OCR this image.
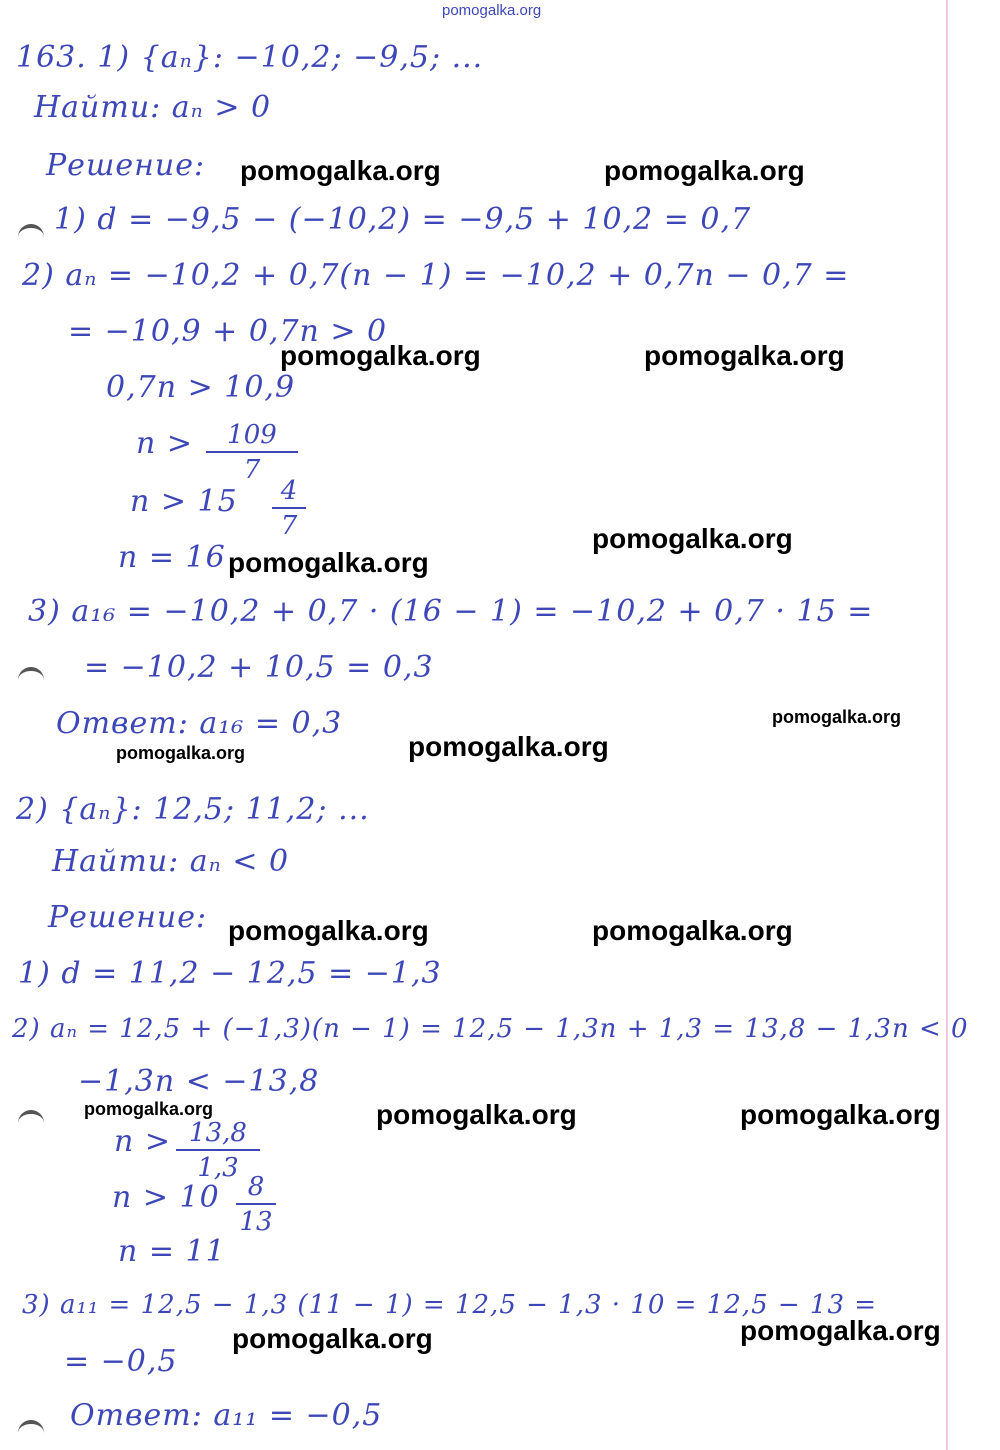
pomogalka.org
163. 1) {aₙ}: −10,2; −9,5; ...
Найти: aₙ > 0
Решение:
1) d = −9,5 − (−10,2) = −9,5 + 10,2 = 0,7
2) aₙ = −10,2 + 0,7(n − 1) = −10,2 + 0,7n − 0,7 =
= −10,9 + 0,7n > 0
0,7n > 10,9
n >	109
7
n > 15	4
7
n = 16
3) a₁₆ = −10,2 + 0,7 · (16 − 1) = −10,2 + 0,7 · 15 =
= −10,2 + 10,5 = 0,3
Ответ: a₁₆ = 0,3
2) {aₙ}: 12,5; 11,2; ...
Найти: aₙ < 0
Решение:
1) d = 11,2 − 12,5 = −1,3
2) aₙ = 12,5 + (−1,3)(n − 1) = 12,5 − 1,3n + 1,3 = 13,8 − 1,3n < 0
−1,3n < −13,8
n > 13,8
1,3
n > 10	8
13
n = 11
3) a₁₁ = 12,5 − 1,3 (11 − 1) = 12,5 − 1,3 · 10 = 12,5 − 13 =
= −0,5
Ответ: a₁₁ = −0,5
pomogalka.org	pomogalka.org
pomogalka.org	pomogalka.org
pomogalka.org
pomogalka.org
pomogalka.org
pomogalka.org
pomogalka.org
pomogalka.org	pomogalka.org
pomogalka.org	pomogalka.org	pomogalka.org
pomogalka.org
pomogalka.org
